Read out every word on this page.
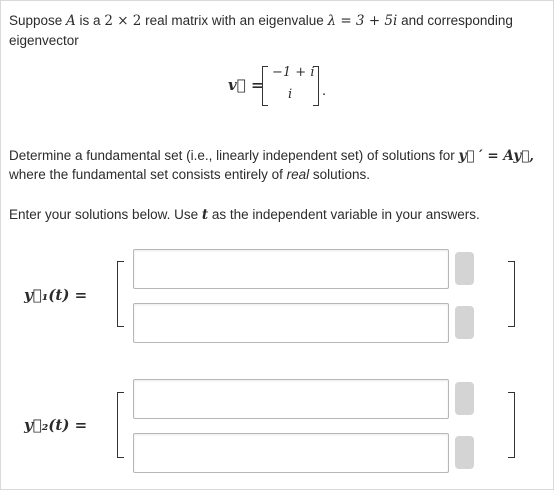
Suppose A is a 2 × 2 real matrix with an eigenvalue λ = 3 + 5i and corresponding
eigenvector
v⃗ =
−1 + i
i .
Determine a fundamental set (i.e., linearly independent set) of solutions for y⃗ ′ = Ay⃗,
where the fundamental set consists entirely of real solutions.
Enter your solutions below. Use t as the independent variable in your answers.
y⃗₁(t) =
y⃗₂(t) =
